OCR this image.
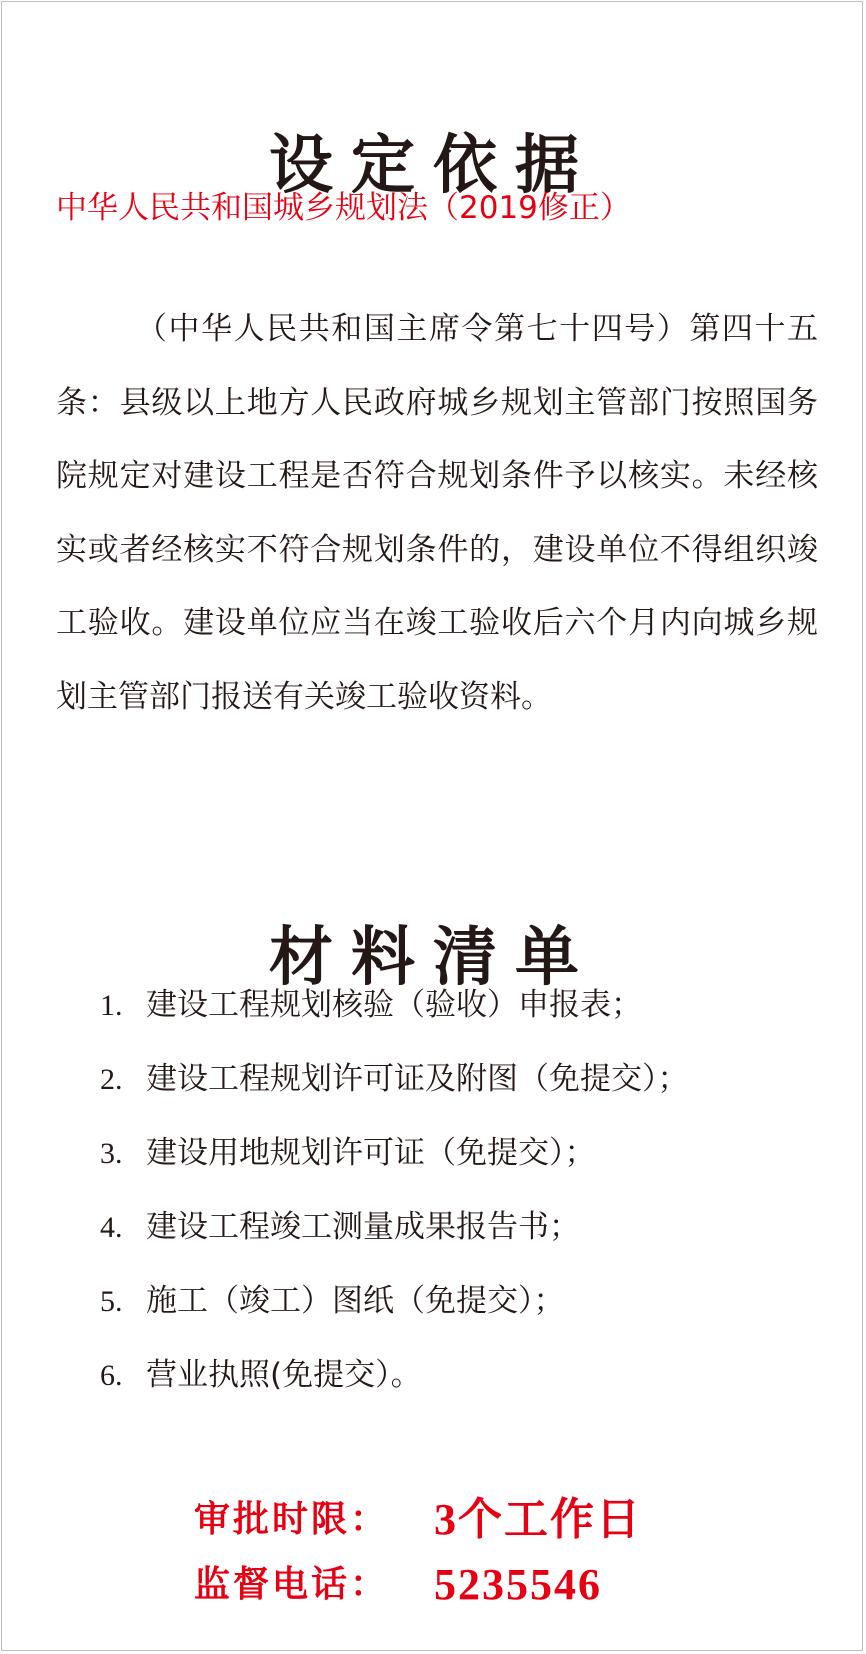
设定依据
中华人民共和国城乡规划法（2019修正）

（中华人民共和国主席令第七十四号）第四十五条：县级以上地方人民政府城乡规划主管部门按照国务院规定对建设工程是否符合规划条件予以核实。未经核实或者经核实不符合规划条件的，建设单位不得组织竣工验收。建设单位应当在竣工验收后六个月内向城乡规划主管部门报送有关竣工验收资料。

材料清单
1. 建设工程规划核验（验收）申报表；
2. 建设工程规划许可证及附图（免提交）；
3. 建设用地规划许可证（免提交）；
4. 建设工程竣工测量成果报告书；
5. 施工（竣工）图纸（免提交）；
6. 营业执照(免提交）。
审批时限： 3个工作日
监督电话： 5235546
